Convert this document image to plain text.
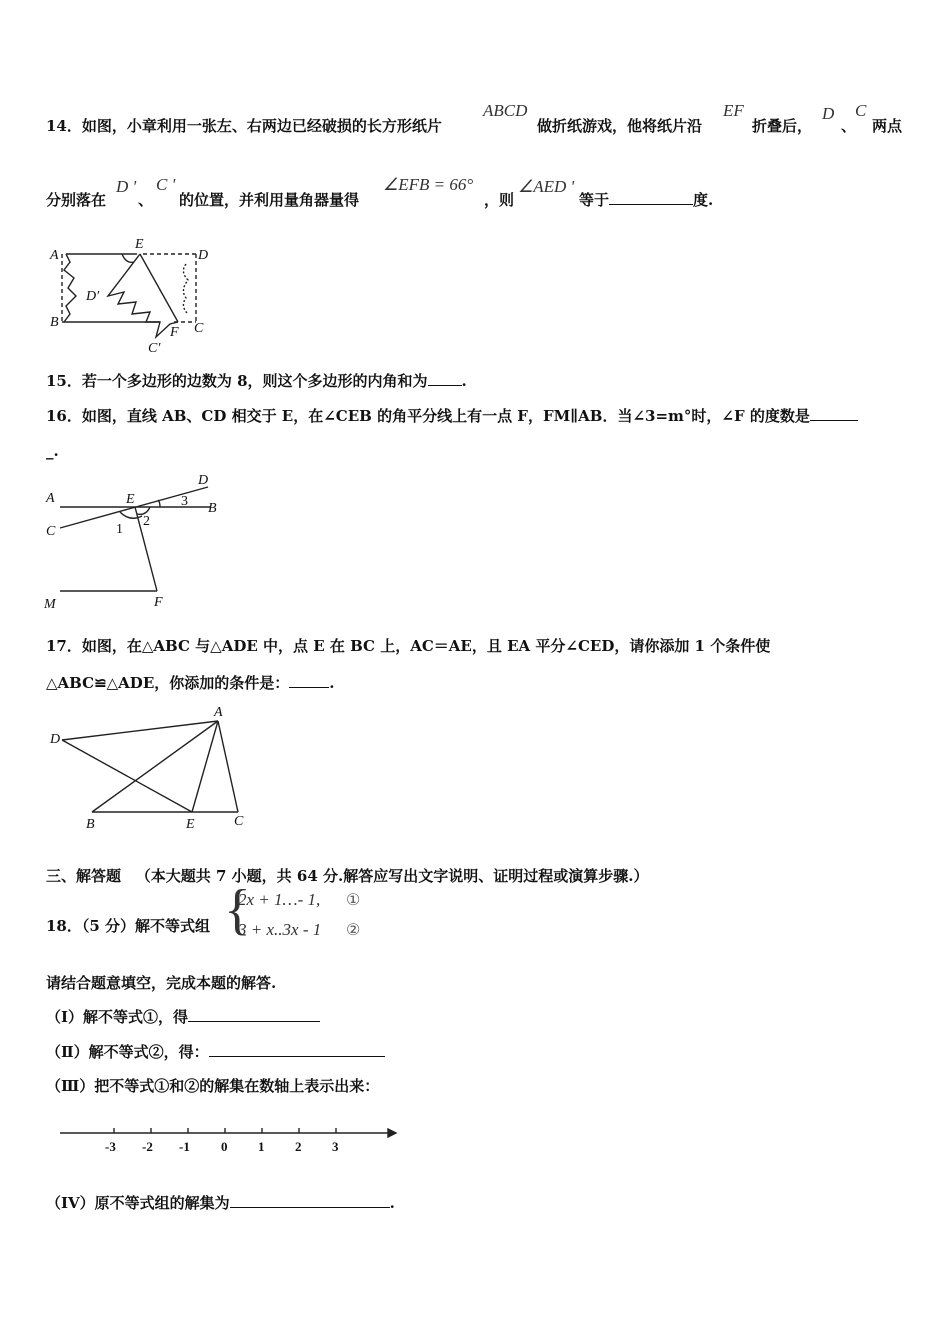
14．如图，小章利用一张左、右两边已经破损的长方形纸片
ABCD
做折纸游戏，他将纸片沿
EF
折叠后，
D
、
C
两点
分别落在
D '
、
C '
的位置，并利用量角器量得
∠EFB = 66°
，则
∠AED '
等于	度.
A
E
D
D′
B
F C
C′
15．若一个多边形的边数为 8，则这个多边形的内角和为 .
16．如图，直线 AB、CD 相交于 E，在∠CEB 的角平分线上有一点 F，FM∥AB．当∠3=m°时，∠F 的度数是
_.
A	E
D
B
C	1
2
3
M	F
17．如图，在△ABC 与△ADE 中，点 E 在 BC 上，AC＝AE，且 EA 平分∠CED，请你添加 1 个条件使
△ABC≌△ADE，你添加的条件是：	.
A
D
B	E	C
三、解答题 （本大题共 7 小题，共 64 分.解答应写出文字说明、证明过程或演算步骤.）
18．（5 分）解不等式组 {
2x + 1…- 1, ①
3 + x..3x - 1 ②
请结合题意填空，完成本题的解答.
（I）解不等式①，得
（Ⅱ）解不等式②，得：
（Ⅲ）把不等式①和②的解集在数轴上表示出来：
-3 -2 -1 0 1 2 3
（IV）原不等式组的解集为	.
